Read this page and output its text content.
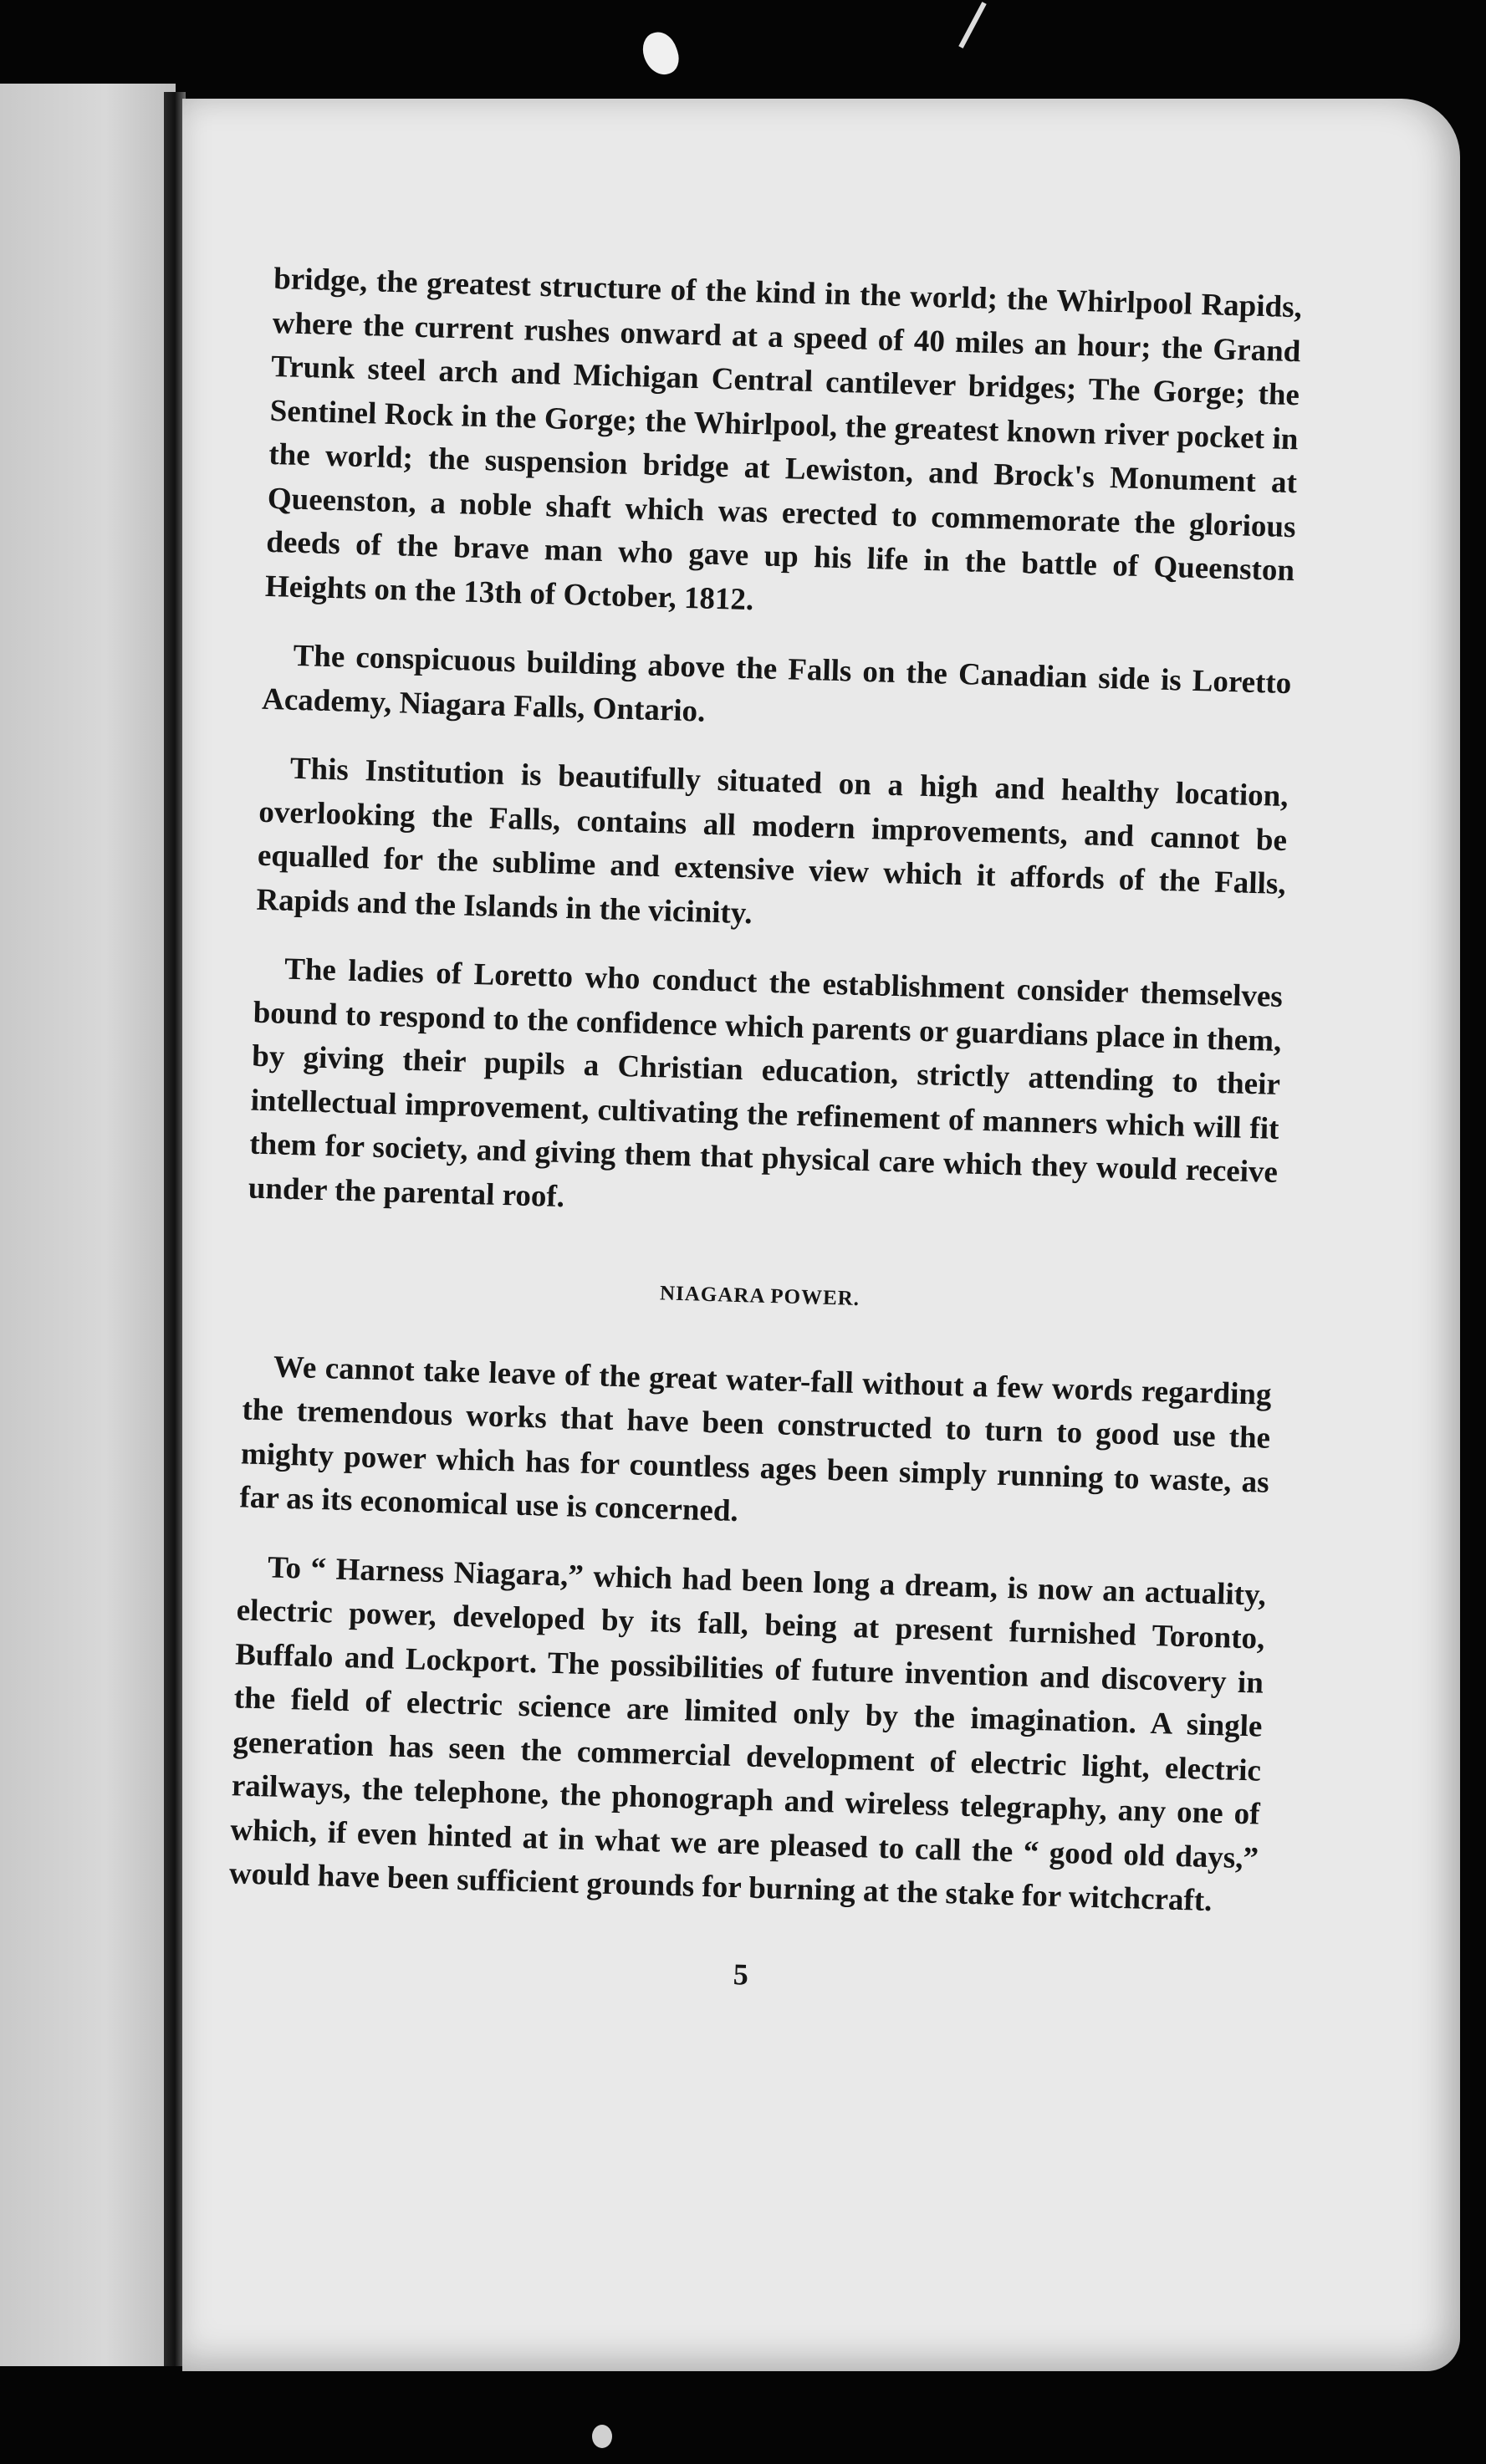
bridge, the greatest structure of the kind in the world; the Whirlpool Rapids, where the current rushes onward at a speed of 40 miles an hour; the Grand Trunk steel arch and Michigan Central cantilever bridges; The Gorge; the Sentinel Rock in the Gorge; the Whirlpool, the greatest known river pocket in the world; the suspension bridge at Lewiston, and Brock's Monument at Queenston, a noble shaft which was erected to commemorate the glorious deeds of the brave man who gave up his life in the battle of Queenston Heights on the 13th of October, 1812.

The conspicuous building above the Falls on the Canadian side is Loretto Academy, Niagara Falls, Ontario.

This Institution is beautifully situated on a high and healthy location, overlooking the Falls, contains all modern improvements, and cannot be equalled for the sublime and extensive view which it affords of the Falls, Rapids and the Islands in the vicinity.

The ladies of Loretto who conduct the establishment consider themselves bound to respond to the confidence which parents or guardians place in them, by giving their pupils a Christian education, strictly attending to their intellectual improvement, cultivating the refinement of manners which will fit them for society, and giving them that physical care which they would receive under the parental roof.

NIAGARA POWER.

We cannot take leave of the great water-fall without a few words regarding the tremendous works that have been constructed to turn to good use the mighty power which has for countless ages been simply running to waste, as far as its economical use is concerned.

To “ Harness Niagara,” which had been long a dream, is now an actuality, electric power, developed by its fall, being at present furnished Toronto, Buffalo and Lockport. The possibilities of future invention and discovery in the field of electric science are limited only by the imagination. A single generation has seen the commercial development of electric light, electric railways, the telephone, the phonograph and wireless telegraphy, any one of which, if even hinted at in what we are pleased to call the “ good old days,” would have been sufficient grounds for burning at the stake for witchcraft.

5
